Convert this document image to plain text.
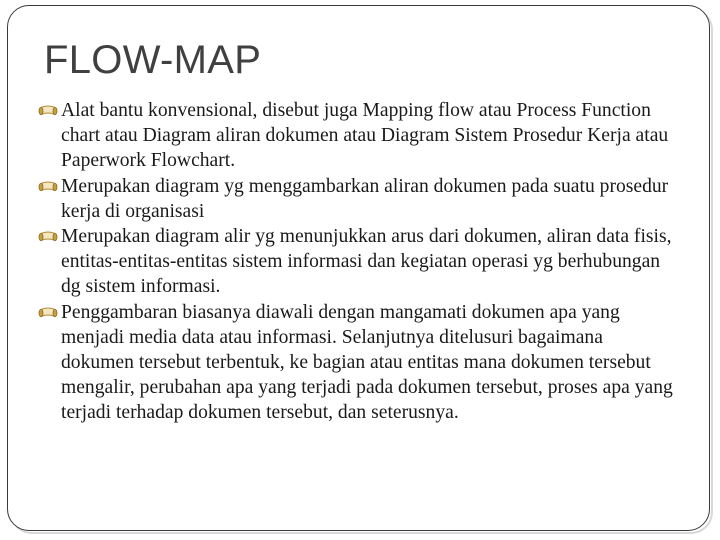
FLOW-MAP
Alat bantu konvensional, disebut juga Mapping flow atau Process Function chart atau Diagram aliran dokumen atau Diagram Sistem Prosedur Kerja atau Paperwork Flowchart.
Merupakan diagram yg menggambarkan aliran dokumen pada suatu prosedur kerja di organisasi
Merupakan diagram alir yg menunjukkan arus dari dokumen, aliran data fisis, entitas-entitas-entitas sistem informasi dan kegiatan operasi yg berhubungan dg sistem informasi.
Penggambaran biasanya diawali dengan mangamati dokumen apa yang menjadi media data atau informasi. Selanjutnya ditelusuri bagaimana dokumen tersebut terbentuk, ke bagian atau entitas mana dokumen tersebut mengalir, perubahan apa yang terjadi pada dokumen tersebut, proses apa yang terjadi terhadap dokumen tersebut, dan seterusnya.
